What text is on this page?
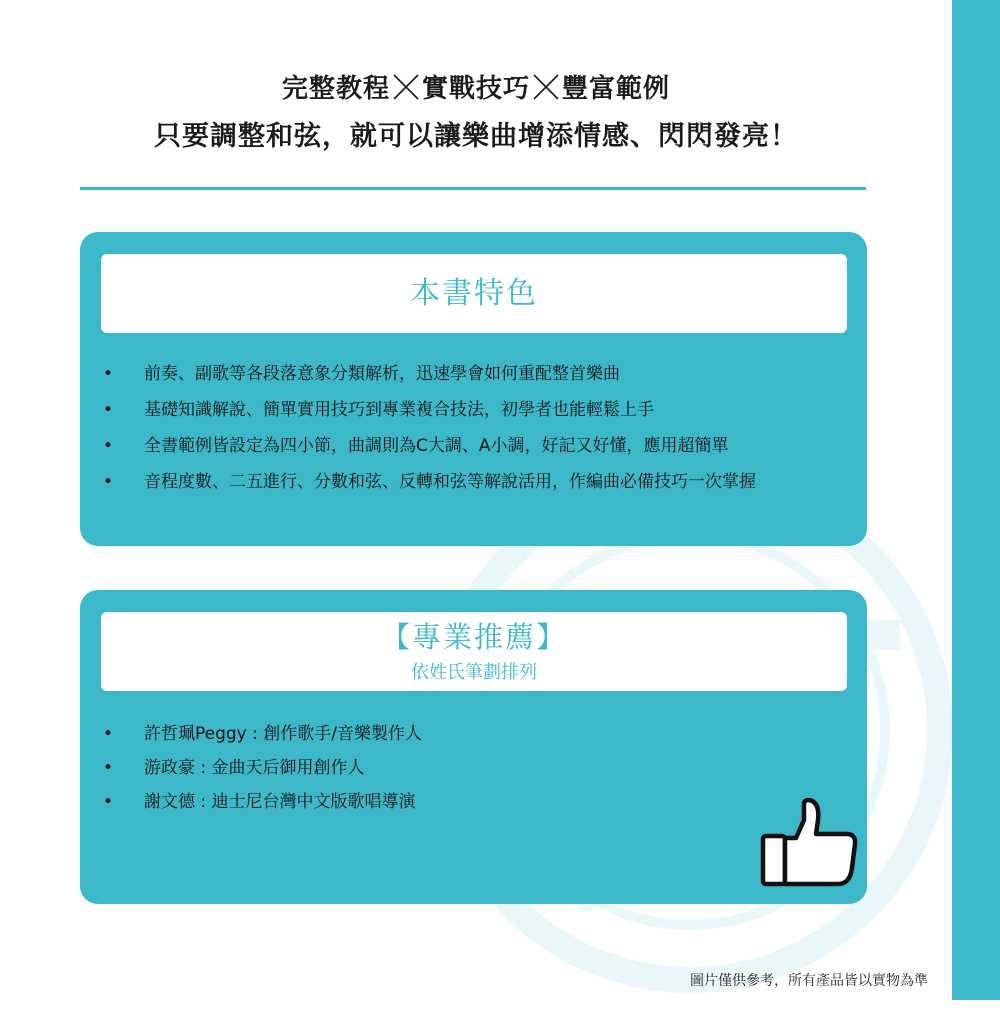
完整教程 實戰技巧 豐富範例
只要調整和弦，就可以讓樂曲增添情感、閃閃發亮！
本書特色
• 前奏、副歌等各段落意象分類解析，迅速學會如何重配整首樂曲
• 基礎知識解說、簡單實用技巧到專業複合技法，初學者也能輕鬆上手
• 全書範例皆設定為四小節，曲調則為C大調、A小調，好記又好懂，應用超簡單
• 音程度數、二五進行、分數和弦、反轉和弦等解說活用，作編曲必備技巧一次掌握
【專業推薦】
依姓氏筆劃排列
• 許哲珮Peggy : 創作歌手/音樂製作人
• 游政豪 : 金曲天后御用創作人
• 謝文德 : 迪士尼台灣中文版歌唱導演
圖片僅供參考，所有產品皆以實物為準
